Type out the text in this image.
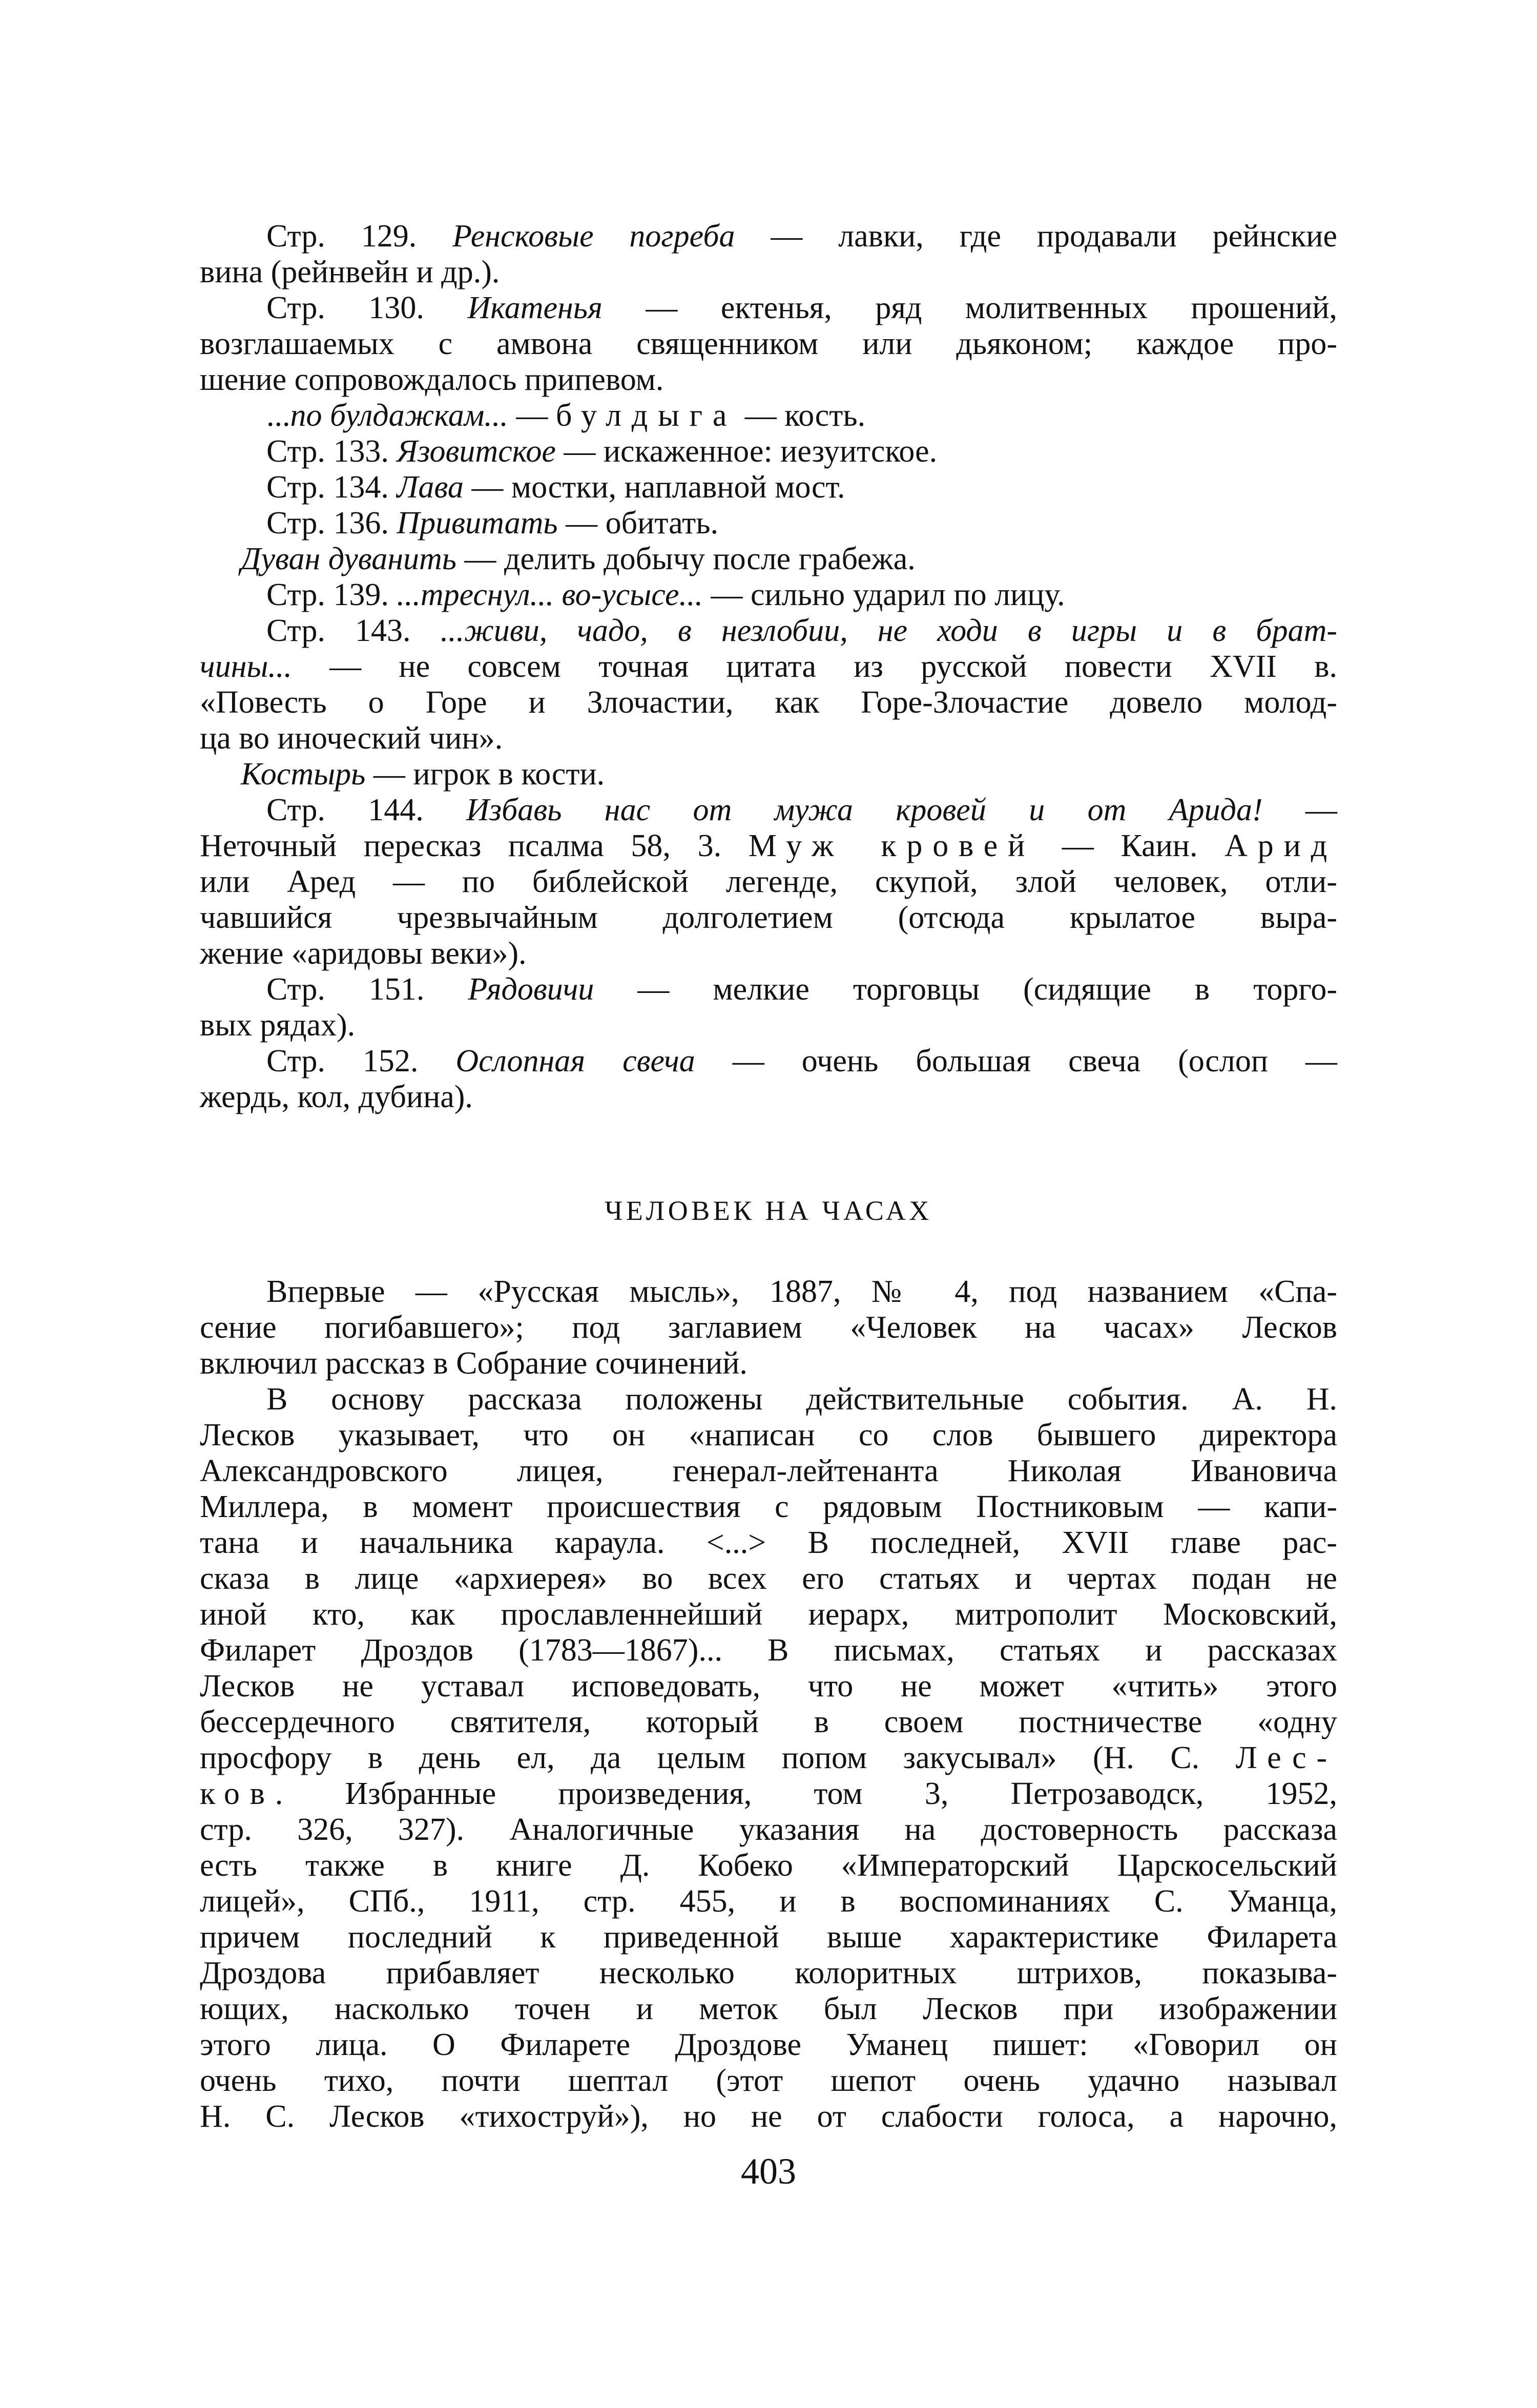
Стр. 129. Ренсковые погреба — лавки, где продавали рейнские
вина (рейнвейн и др.).
Стр. 130. Икатенья — ектенья, ряд молитвенных прошений,
возглашаемых с амвона священником или дьяконом; каждое про-
шение сопровождалось припевом.
...по булдажкам... — булдыга — кость.
Стр. 133. Язовитское — искаженное: иезуитское.
Стр. 134. Лава — мостки, наплавной мост.
Стр. 136. Привитать — обитать.
Дуван дуванить — делить добычу после грабежа.
Стр. 139. ...треснул... во-усысе... — сильно ударил по лицу.
Стр. 143. ...живи, чадо, в незлобии, не ходи в игры и в брат-
чины... — не совсем точная цитата из русской повести XVII в.
«Повесть о Горе и Злочастии, как Горе-Злочастие довело молод-
ца во иноческий чин».
Костырь — игрок в кости.
Стр. 144. Избавь нас от мужа кровей и от Арида! —
Неточный пересказ псалма 58, 3. Муж кровей — Каин. Арид
или Аред — по библейской легенде, скупой, злой человек, отли-
чавшийся чрезвычайным долголетием (отсюда крылатое выра-
жение «аридовы веки»).
Стр. 151. Рядовичи — мелкие торговцы (сидящие в торго-
вых рядах).
Стр. 152. Ослопная свеча — очень большая свеча (ослоп —
жердь, кол, дубина).
ЧЕЛОВЕК НА ЧАСАХ
Впервые — «Русская мысль», 1887, № 4, под названием «Спа-
сение погибавшего»; под заглавием «Человек на часах» Лесков
включил рассказ в Собрание сочинений.
В основу рассказа положены действительные события. А. Н.
Лесков указывает, что он «написан со слов бывшего директора
Александровского лицея, генерал-лейтенанта Николая Ивановича
Миллера, в момент происшествия с рядовым Постниковым — капи-
тана и начальника караула. <...> В последней, XVII главе рас-
сказа в лице «архиерея» во всех его статьях и чертах подан не
иной кто, как прославленнейший иерарх, митрополит Московский,
Филарет Дроздов (1783—1867)... В письмах, статьях и рассказах
Лесков не уставал исповедовать, что не может «чтить» этого
бессердечного святителя, который в своем постничестве «одну
просфору в день ел, да целым попом закусывал» (Н. С. Лес-
ков. Избранные произведения, том 3, Петрозаводск, 1952,
стр. 326, 327). Аналогичные указания на достоверность рассказа
есть также в книге Д. Кобеко «Императорский Царскосельский
лицей», СПб., 1911, стр. 455, и в воспоминаниях С. Уманца,
причем последний к приведенной выше характеристике Филарета
Дроздова прибавляет несколько колоритных штрихов, показыва-
ющих, насколько точен и меток был Лесков при изображении
этого лица. О Филарете Дроздове Уманец пишет: «Говорил он
очень тихо, почти шептал (этот шепот очень удачно называл
Н. С. Лесков «тихоструй»), но не от слабости голоса, а нарочно,
403
